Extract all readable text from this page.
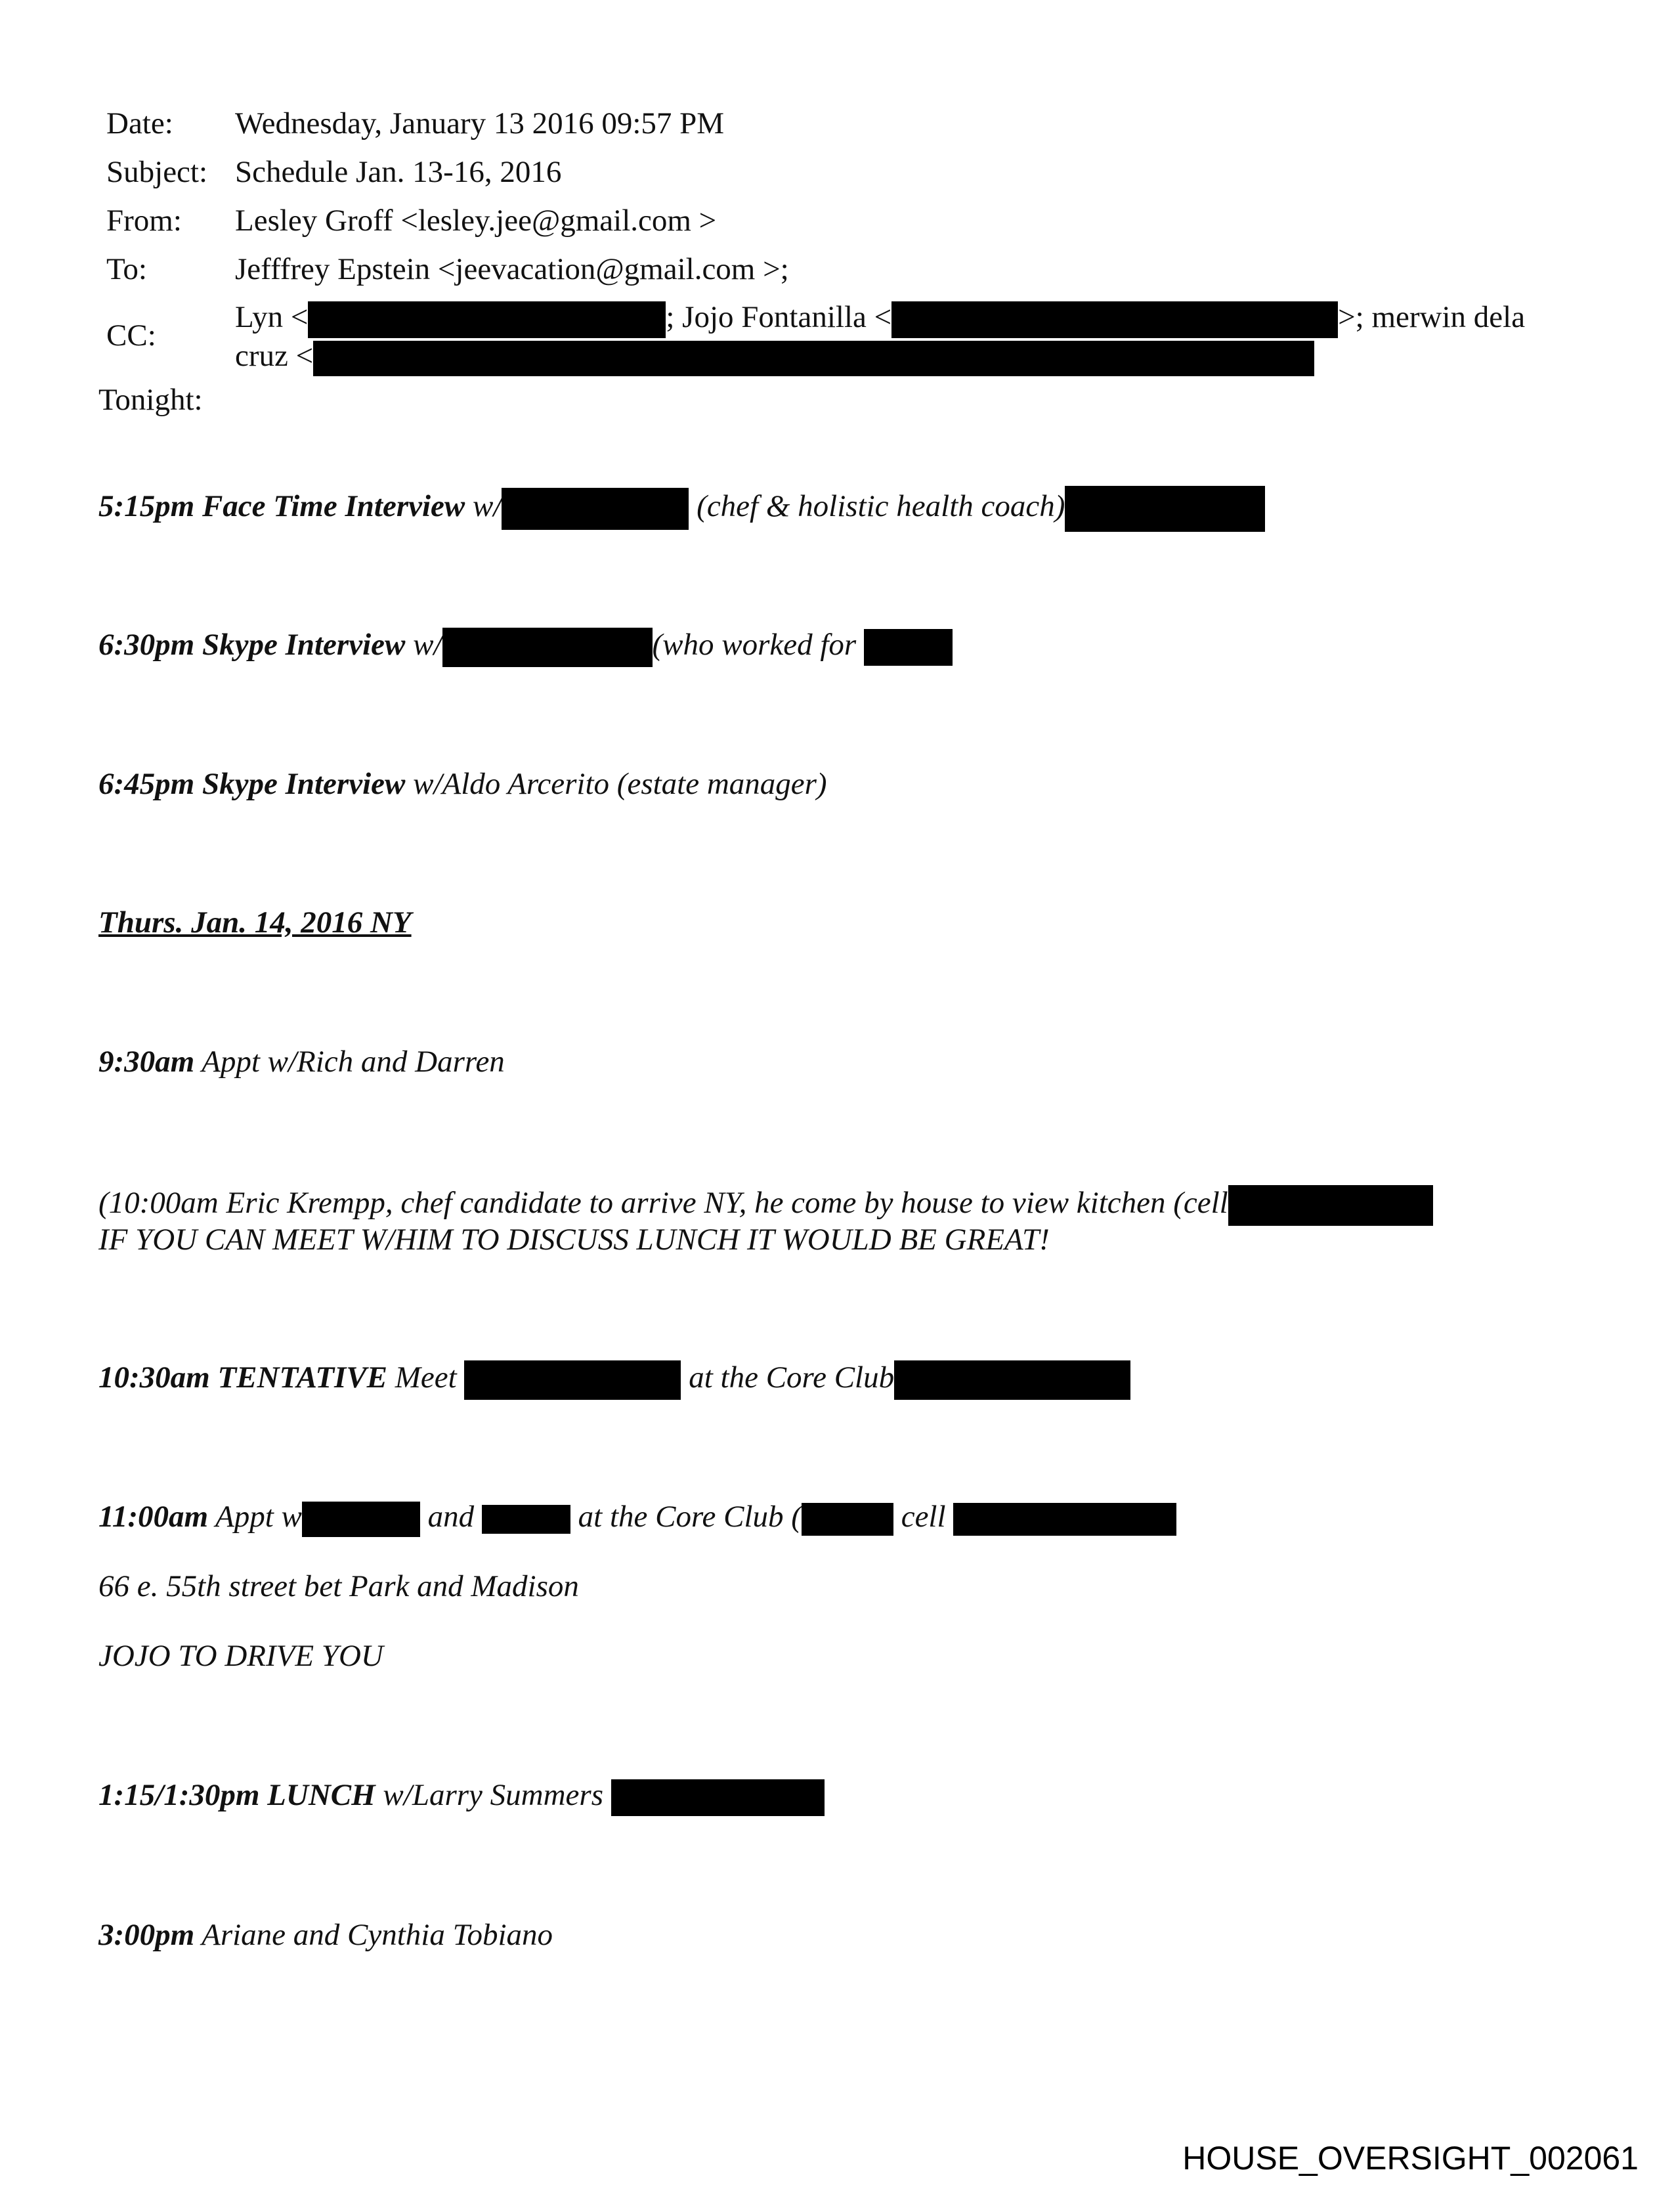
Date: Wednesday, January 13 2016 09:57 PM
Subject: Schedule Jan. 13-16, 2016
From: Lesley Groff <lesley.jee@gmail.com >
To:	Jefffrey Epstein <jeevacation@gmail.com >;
CC:
Lyn <	; Jojo Fontanilla <	>; merwin dela
cruz <
Tonight:
5:15pm Face Time Interview w/	(chef & holistic health coach)
6:30pm Skype Interview w/	(who worked for
6:45pm Skype Interview w/Aldo Arcerito (estate manager)
Thurs. Jan. 14, 2016 NY
9:30am Appt w/Rich and Darren
(10:00am Eric Krempp, chef candidate to arrive NY, he come by house to view kitchen (cell
IF YOU CAN MEET W/HIM TO DISCUSS LUNCH IT WOULD BE GREAT!
10:30am TENTATIVE Meet	at the Core Club
11:00am Appt w	and	at the Core Club (	cell
66 e. 55th street bet Park and Madison
JOJO TO DRIVE YOU
1:15/1:30pm LUNCH w/Larry Summers
3:00pm Ariane and Cynthia Tobiano
HOUSE_OVERSIGHT_002061
